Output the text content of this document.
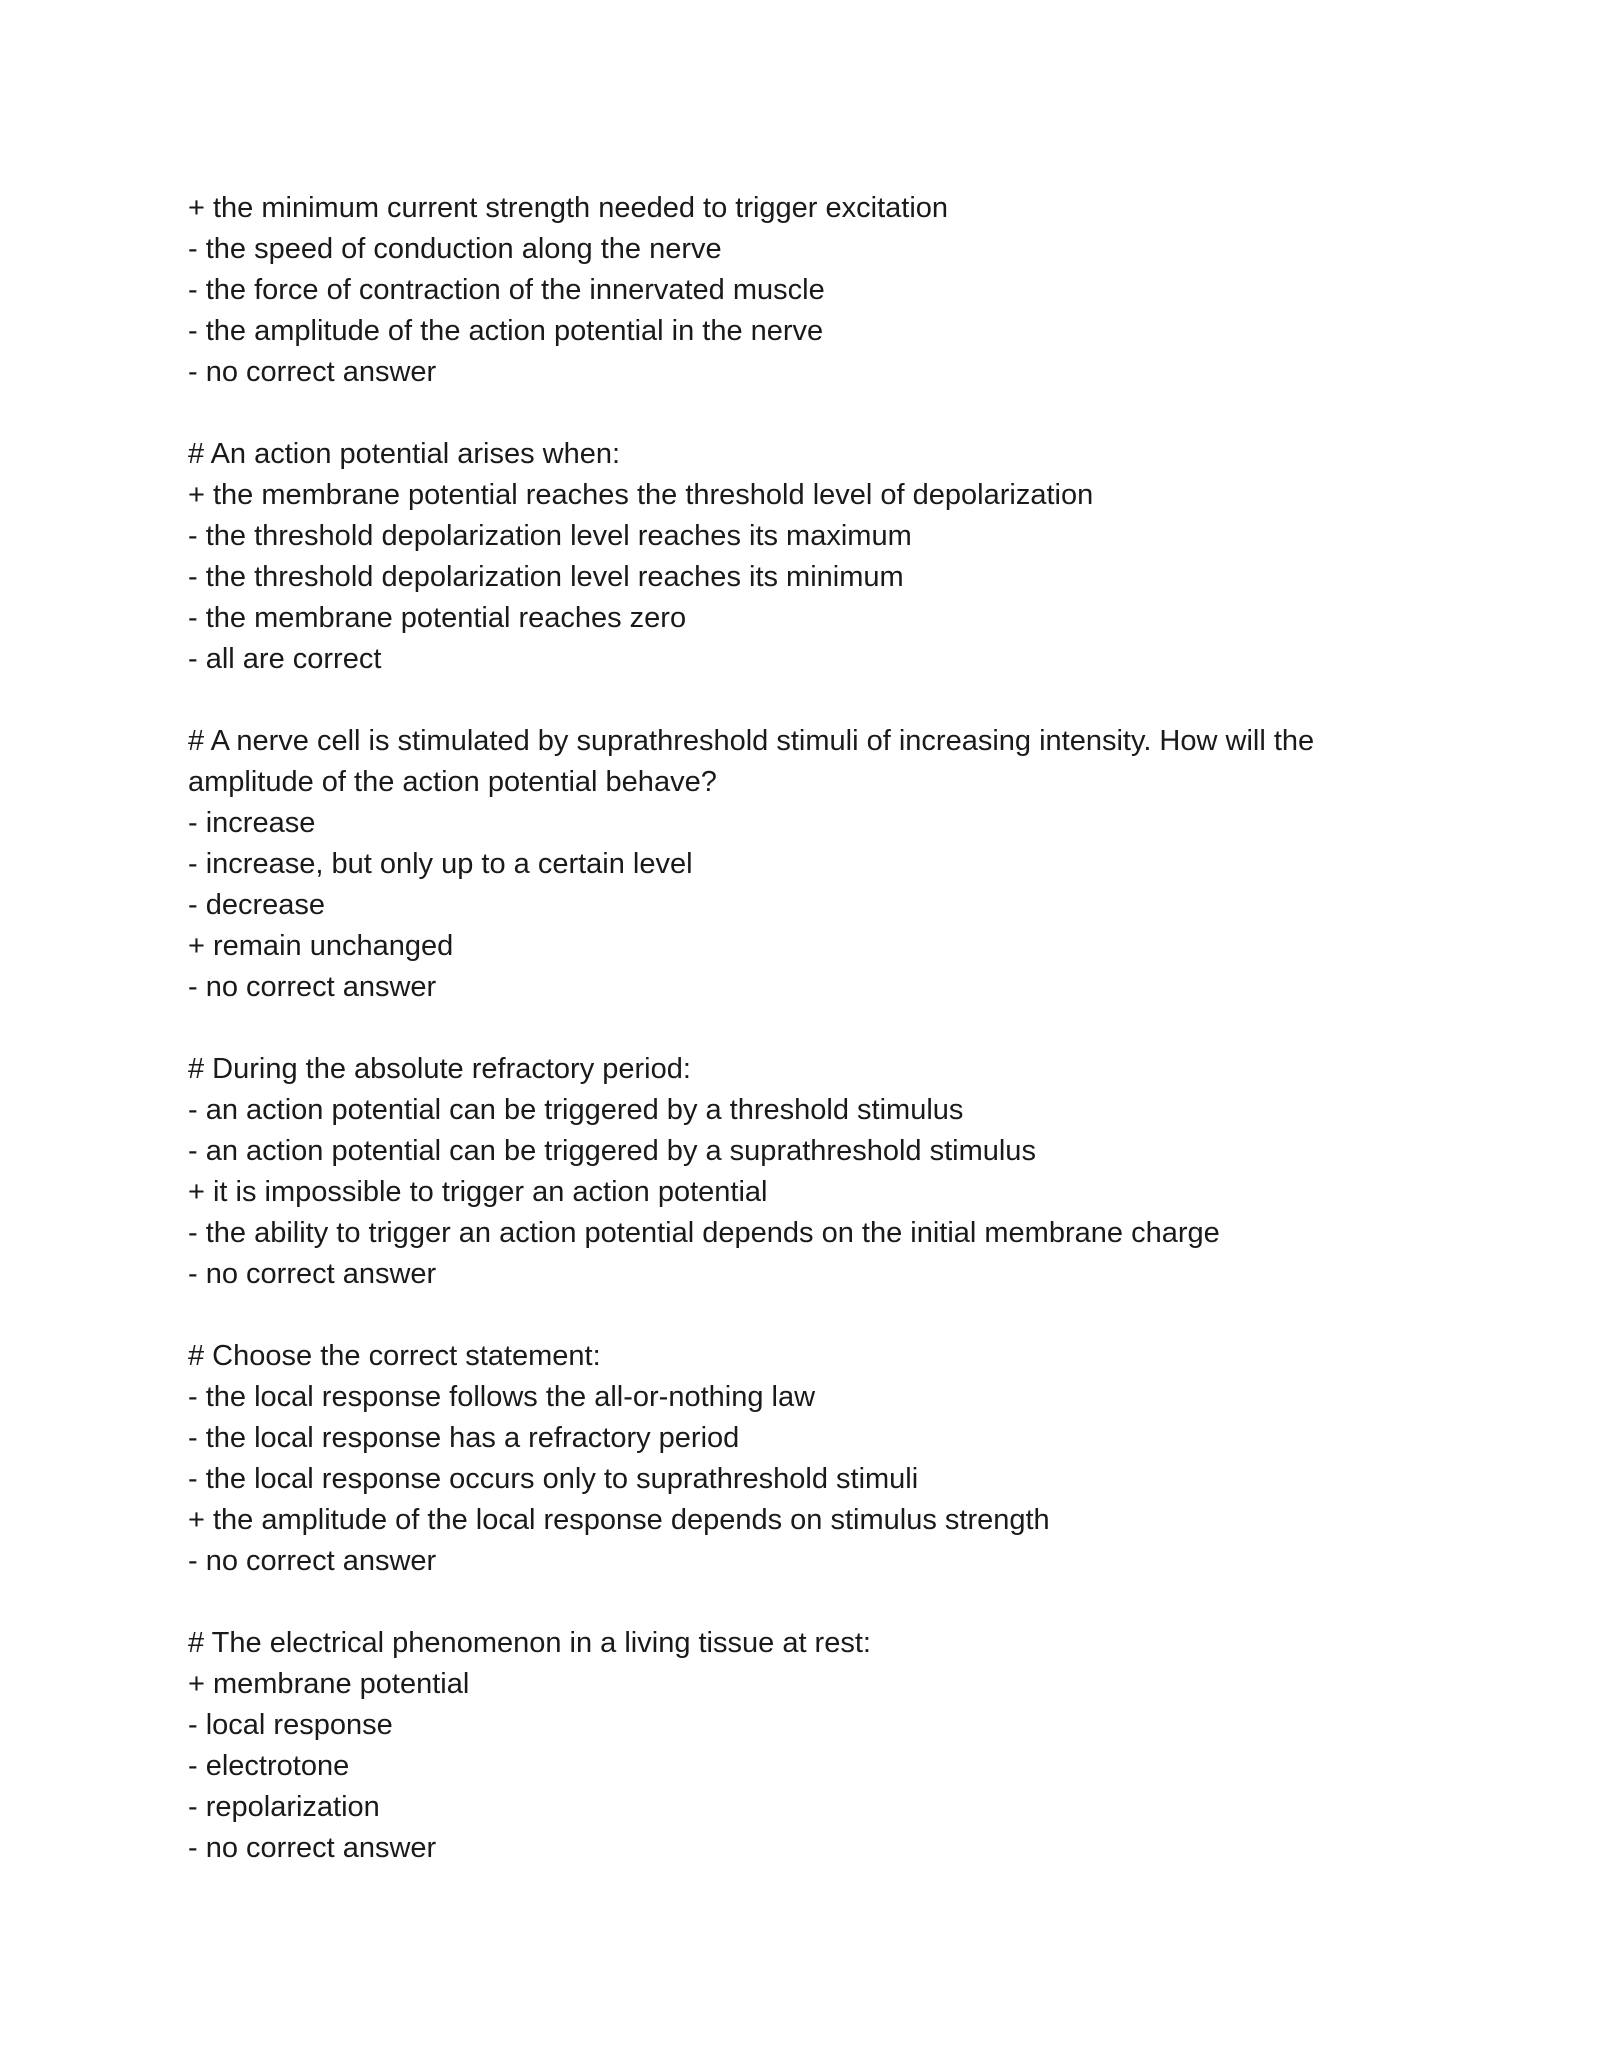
+ the minimum current strength needed to trigger excitation

- the speed of conduction along the nerve

- the force of contraction of the innervated muscle

- the amplitude of the action potential in the nerve

- no correct answer

# An action potential arises when:

+ the membrane potential reaches the threshold level of depolarization

- the threshold depolarization level reaches its maximum

- the threshold depolarization level reaches its minimum

- the membrane potential reaches zero

- all are correct

# A nerve cell is stimulated by suprathreshold stimuli of increasing intensity. How will the amplitude of the action potential behave?

- increase

- increase, but only up to a certain level

- decrease

+ remain unchanged

- no correct answer

# During the absolute refractory period:

- an action potential can be triggered by a threshold stimulus

- an action potential can be triggered by a suprathreshold stimulus

+ it is impossible to trigger an action potential

- the ability to trigger an action potential depends on the initial membrane charge

- no correct answer

# Choose the correct statement:

- the local response follows the all-or-nothing law

- the local response has a refractory period

- the local response occurs only to suprathreshold stimuli

+ the amplitude of the local response depends on stimulus strength

- no correct answer

# The electrical phenomenon in a living tissue at rest:

+ membrane potential

- local response

- electrotone

- repolarization

- no correct answer
